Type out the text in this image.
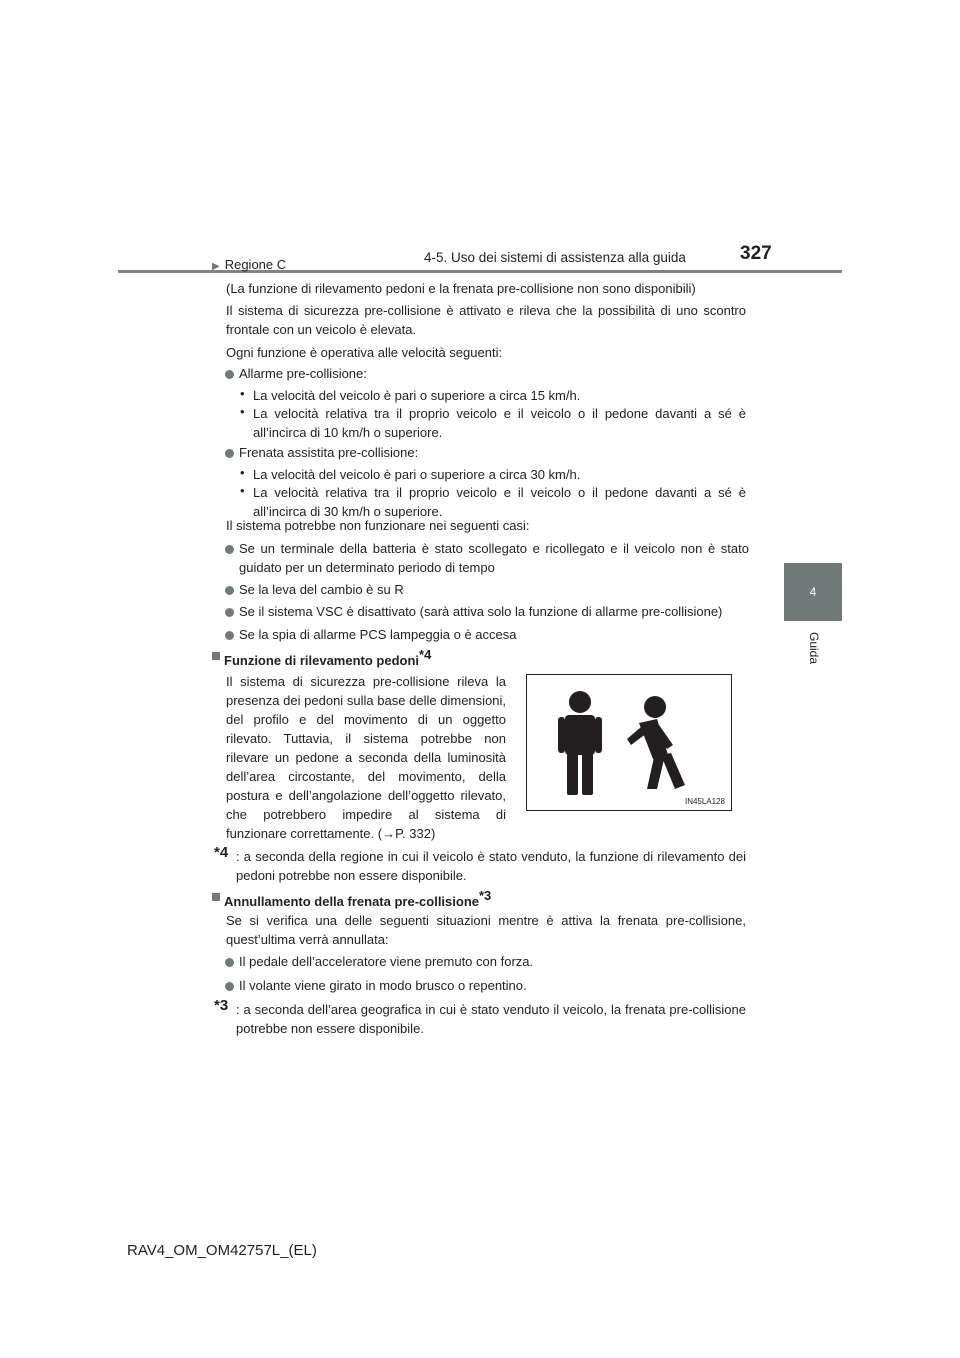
4-5. Uso dei sistemi di assistenza alla guida	327
4
Guida
▶ Regione C
(La funzione di rilevamento pedoni e la frenata pre-collisione non sono disponibili)
Il sistema di sicurezza pre-collisione è attivato e rileva che la possibilità di uno scontro frontale con un veicolo è elevata.
Ogni funzione è operativa alle velocità seguenti:
Allarme pre-collisione:
• La velocità del veicolo è pari o superiore a circa 15 km/h.
• La velocità relativa tra il proprio veicolo e il veicolo o il pedone davanti a sé è all’incirca di 10 km/h o superiore.
Frenata assistita pre-collisione:
• La velocità del veicolo è pari o superiore a circa 30 km/h.
• La velocità relativa tra il proprio veicolo e il veicolo o il pedone davanti a sé è all’incirca di 30 km/h o superiore.
Il sistema potrebbe non funzionare nei seguenti casi:
Se un terminale della batteria è stato scollegato e ricollegato e il veicolo non è stato guidato per un determinato periodo di tempo
Se la leva del cambio è su R
Se il sistema VSC è disattivato (sarà attiva solo la funzione di allarme pre-collisione)
Se la spia di allarme PCS lampeggia o è accesa
Funzione di rilevamento pedoni$^{*4}$
Il sistema di sicurezza pre-collisione rileva la presenza dei pedoni sulla base delle dimensioni, del profilo e del movimento di un oggetto rilevato. Tuttavia, il sistema potrebbe non rilevare un pedone a seconda della luminosità dell’area circostante, del movimento, della postura e dell’angolazione dell’oggetto rilevato, che potrebbero impedire al sistema di funzionare correttamente. (→P. 332)
IN45LA128
*4 : a seconda della regione in cui il veicolo è stato venduto, la funzione di rilevamento dei pedoni potrebbe non essere disponibile.
Annullamento della frenata pre-collisione$^{*3}$
Se si verifica una delle seguenti situazioni mentre è attiva la frenata pre-collisione, quest’ultima verrà annullata:
Il pedale dell’acceleratore viene premuto con forza.
Il volante viene girato in modo brusco o repentino.
*3 : a seconda dell’area geografica in cui è stato venduto il veicolo, la frenata pre-collisione potrebbe non essere disponibile.
RAV4_OM_OM42757L_(EL)
